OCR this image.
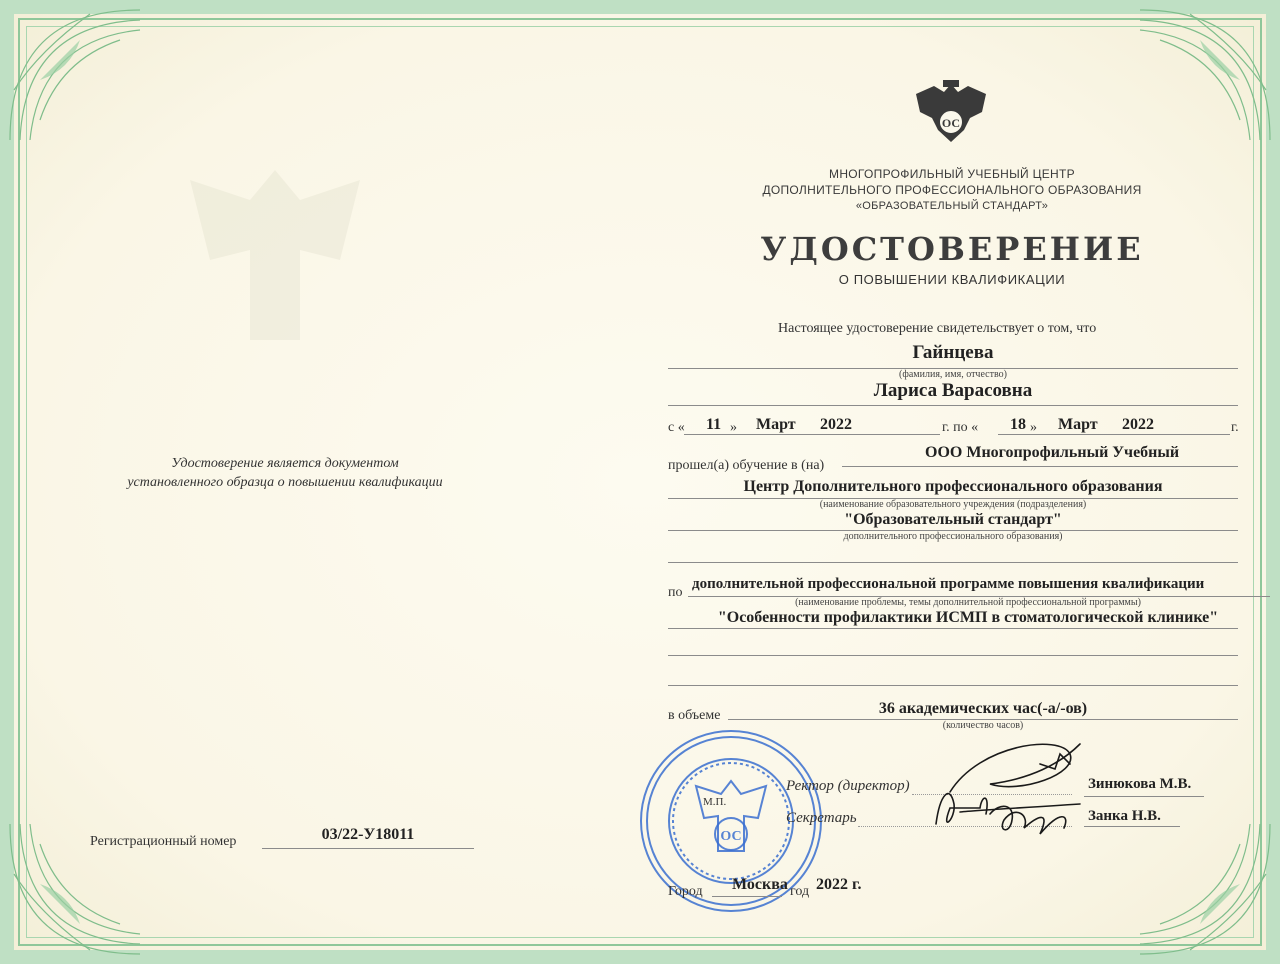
Удостоверение является документом
установленного образца о повышении квалификации
Регистрационный номер	03/22-У18011
ОС
МНОГОПРОФИЛЬНЫЙ УЧЕБНЫЙ ЦЕНТР
ДОПОЛНИТЕЛЬНОГО ПРОФЕССИОНАЛЬНОГО ОБРАЗОВАНИЯ
«ОБРАЗОВАТЕЛЬНЫЙ СТАНДАРТ»
УДОСТОВЕРЕНИЕ
О ПОВЫШЕНИИ КВАЛИФИКАЦИИ
Настоящее удостоверение свидетельствует о том, что
Гайнцева
(фамилия, имя, отчество)
Лариса Варасовна
с « 11 » Март 2022	г. по « 18 » Март 2022	г.
прошел(а) обучение в (на)
ООО Многопрофильный Учебный
Центр Дополнительного профессионального образования
(наименование образовательного учреждения (подразделения)
"Образовательный стандарт"
дополнительного профессионального образования)
по
дополнительной профессиональной программе повышения квалификации
(наименование проблемы, темы дополнительной профессиональной программы)
"Особенности профилактики ИСМП в стоматологической клинике"
в объеме	36 академических час(-а/-ов)
(количество часов)
ОС
М.П.
Ректор (директор)	Зинюкова М.В.
Секретарь	Занка Н.В.
Город Москва год 2022 г.
